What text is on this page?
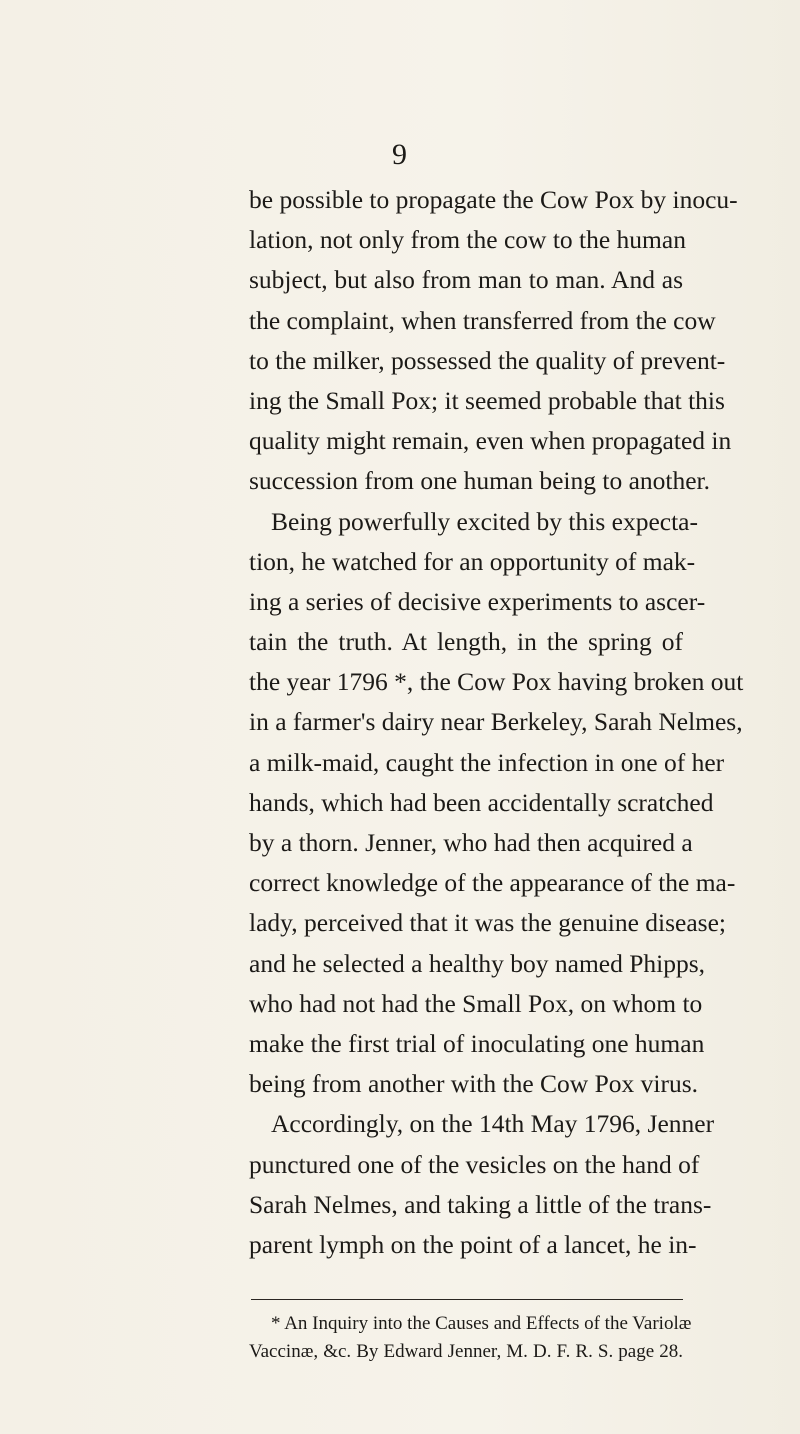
9
be possible to propagate the Cow Pox by inocu-
lation, not only from the cow to the human
subject, but also from man to man. And as
the complaint, when transferred from the cow
to the milker, possessed the quality of prevent-
ing the Small Pox; it seemed probable that this
quality might remain, even when propagated in
succession from one human being to another.
Being powerfully excited by this expecta-
tion, he watched for an opportunity of mak-
ing a series of decisive experiments to ascer-
tain the truth. At length, in the spring of
the year 1796 *, the Cow Pox having broken out
in a farmer's dairy near Berkeley, Sarah Nelmes,
a milk-maid, caught the infection in one of her
hands, which had been accidentally scratched
by a thorn. Jenner, who had then acquired a
correct knowledge of the appearance of the ma-
lady, perceived that it was the genuine disease;
and he selected a healthy boy named Phipps,
who had not had the Small Pox, on whom to
make the first trial of inoculating one human
being from another with the Cow Pox virus.
Accordingly, on the 14th May 1796, Jenner
punctured one of the vesicles on the hand of
Sarah Nelmes, and taking a little of the trans-
parent lymph on the point of a lancet, he in-
* An Inquiry into the Causes and Effects of the Variolæ
Vaccinæ, &c. By Edward Jenner, M. D. F. R. S. page 28.
